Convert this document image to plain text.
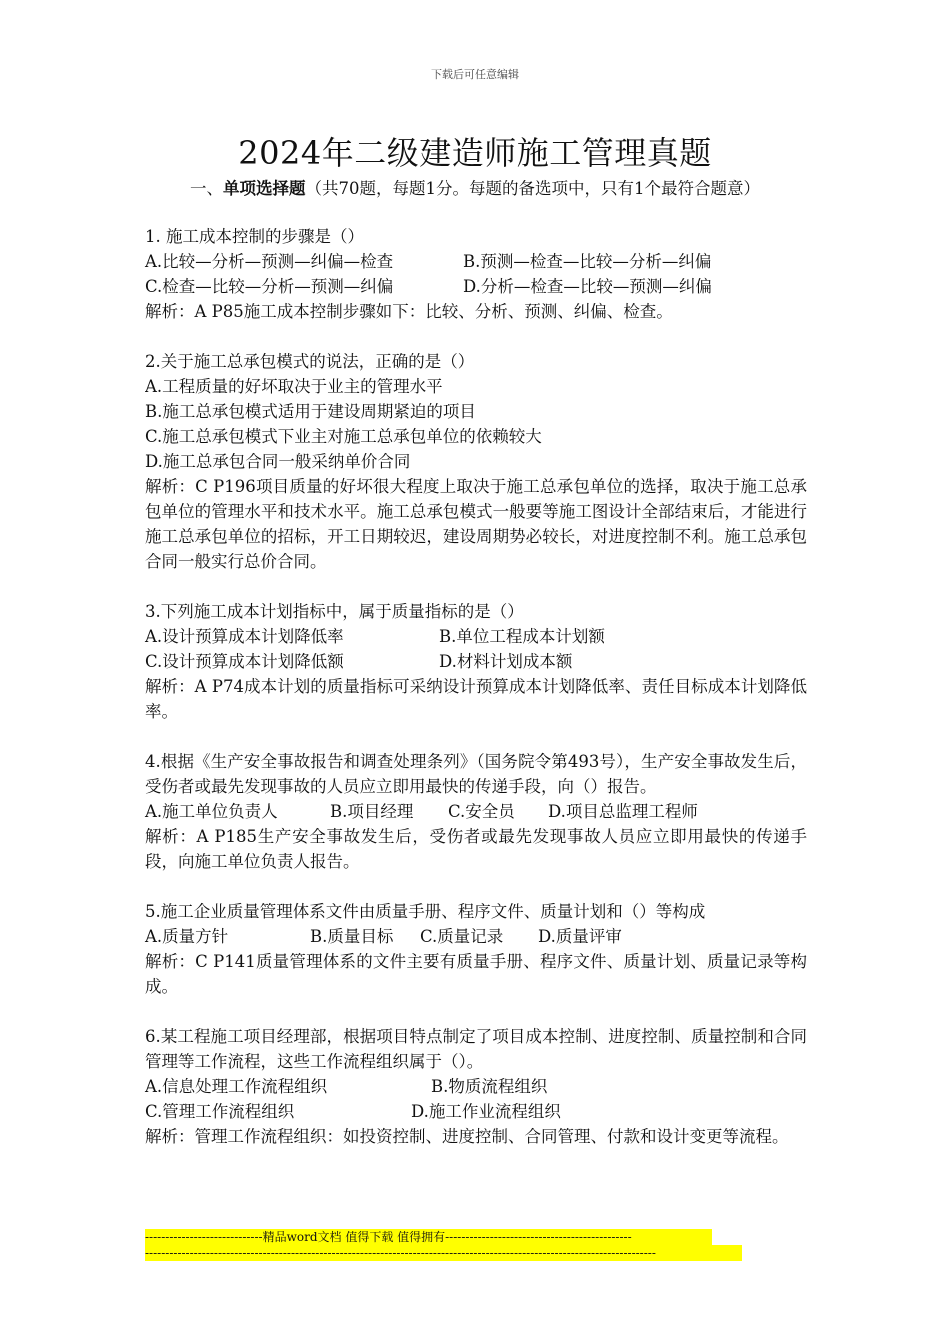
下载后可任意编辑
2024年二级建造师施工管理真题
一、单项选择题（共70题，每题1分。每题的备选项中，只有1个最符合题意）
1. 施工成本控制的步骤是（）
A.比较—分析—预测—纠偏—检查	B.预测—检查—比较—分析—纠偏
C.检查—比较—分析—预测—纠偏	D.分析—检查—比较—预测—纠偏
解析：A P85施工成本控制步骤如下：比较、分析、预测、纠偏、检查。
2.关于施工总承包模式的说法，正确的是（）
A.工程质量的好坏取决于业主的管理水平
B.施工总承包模式适用于建设周期紧迫的项目
C.施工总承包模式下业主对施工总承包单位的依赖较大
D.施工总承包合同一般采纳单价合同
解析：C P196项目质量的好坏很大程度上取决于施工总承包单位的选择，取决于施工总承包单位的管理水平和技术水平。施工总承包模式一般要等施工图设计全部结束后，才能进行施工总承包单位的招标，开工日期较迟，建设周期势必较长，对进度控制不利。施工总承包合同一般实行总价合同。
3.下列施工成本计划指标中，属于质量指标的是（）
A.设计预算成本计划降低率	B.单位工程成本计划额
C.设计预算成本计划降低额	D.材料计划成本额
解析：A P74成本计划的质量指标可采纳设计预算成本计划降低率、责任目标成本计划降低率。
4.根据《生产安全事故报告和调查处理条列》（国务院令第493号），生产安全事故发生后，受伤者或最先发现事故的人员应立即用最快的传递手段，向（）报告。
A.施工单位负责人	B.项目经理 C.安全员 D.项目总监理工程师
解析：A P185生产安全事故发生后，受伤者或最先发现事故人员应立即用最快的传递手段，向施工单位负责人报告。
5.施工企业质量管理体系文件由质量手册、程序文件、质量计划和（）等构成
A.质量方针	B.质量目标 C.质量记录 D.质量评审
解析：C P141质量管理体系的文件主要有质量手册、程序文件、质量计划、质量记录等构成。
6.某工程施工项目经理部，根据项目特点制定了项目成本控制、进度控制、质量控制和合同管理等工作流程，这些工作流程组织属于（）。
A.信息处理工作流程组织	B.物质流程组织
C.管理工作流程组织	D.施工作业流程组织
解析：管理工作流程组织：如投资控制、进度控制、合同管理、付款和设计变更等流程。
-----------------------------精品word文档 值得下载 值得拥有----------------------------------------------
------------------------------------------------------------------------------------------------------------------------------
